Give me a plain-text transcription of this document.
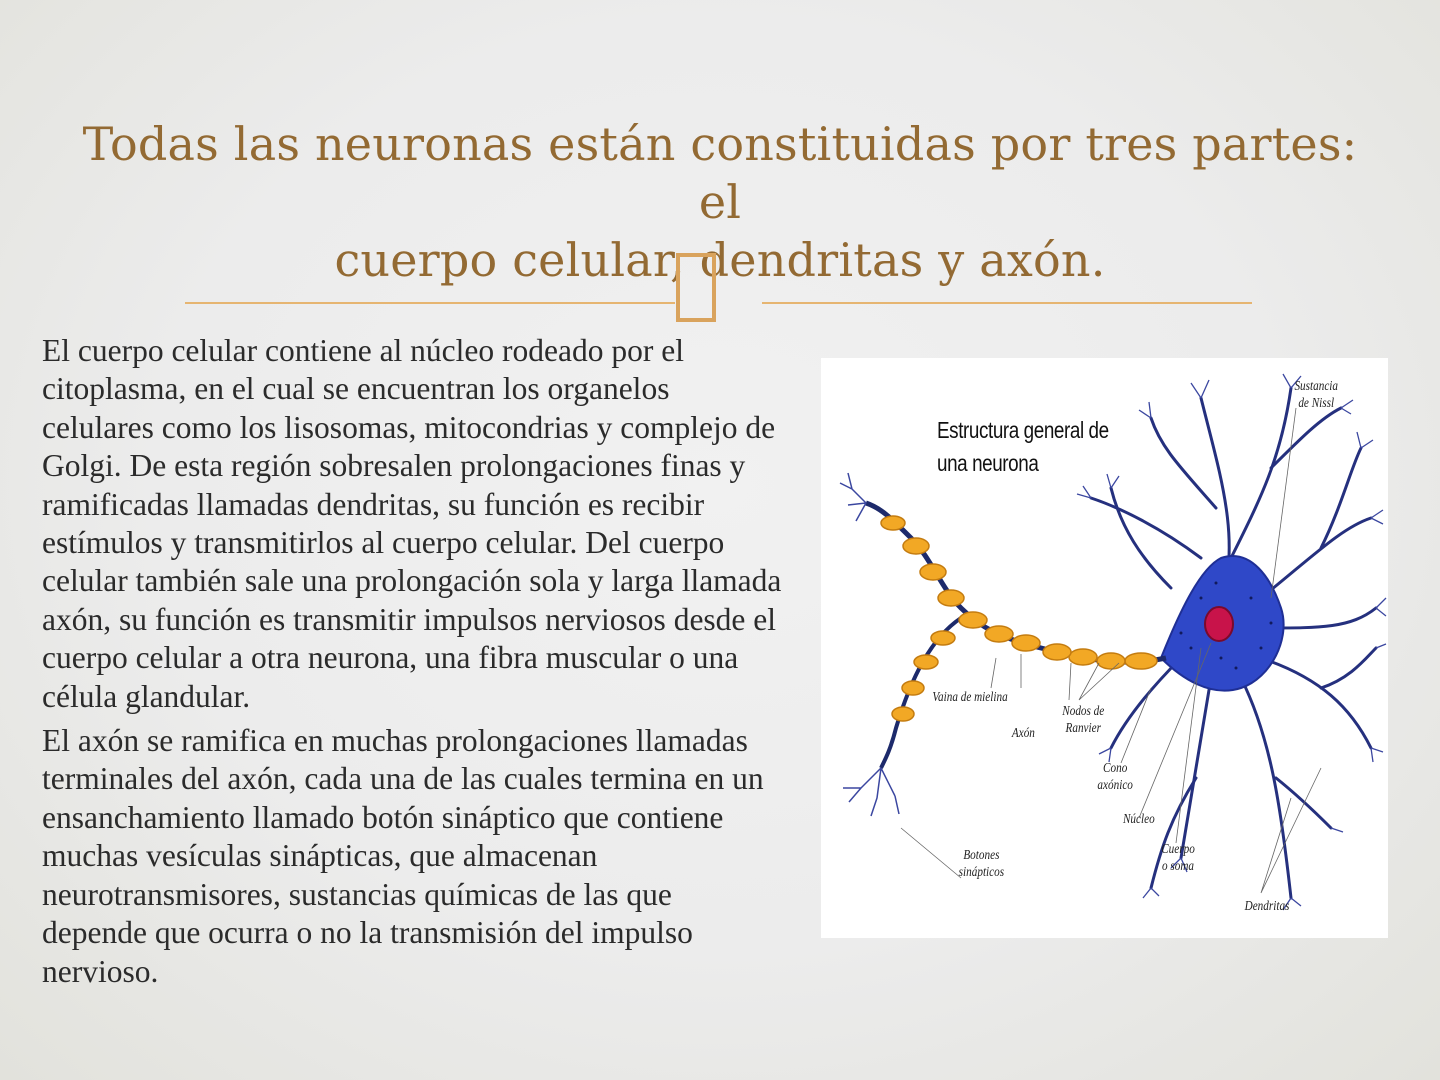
Todas las neuronas están constituidas por tres partes: el
cuerpo celular, dendritas y axón.

El cuerpo celular contiene al núcleo rodeado por el citoplasma, en el cual se encuentran los organelos celulares como los lisosomas, mitocondrias y complejo de Golgi. De esta región sobresalen prolongaciones finas y ramificadas llamadas dendritas, su función es recibir estímulos y transmitirlos al cuerpo celular. Del cuerpo celular también sale una prolongación sola y larga llamada axón, su función es transmitir impulsos nerviosos desde el cuerpo celular a otra neurona, una fibra muscular o una célula glandular.

El axón se ramifica en muchas prolongaciones llamadas terminales del axón, cada una de las cuales termina en un ensanchamiento llamado botón sináptico que contiene muchas vesículas sinápticas, que almacenan neurotransmisores, sustancias químicas de las que depende que ocurra o no la transmisión del impulso nervioso.

Estructura general de
una neurona
Sustancia
de Nissl
Vaina de mielina
Axón
Nodos de
Ranvier
Cono
axónico
Núcleo
Botones
sinápticos
Cuerpo
o soma
Dendritas
